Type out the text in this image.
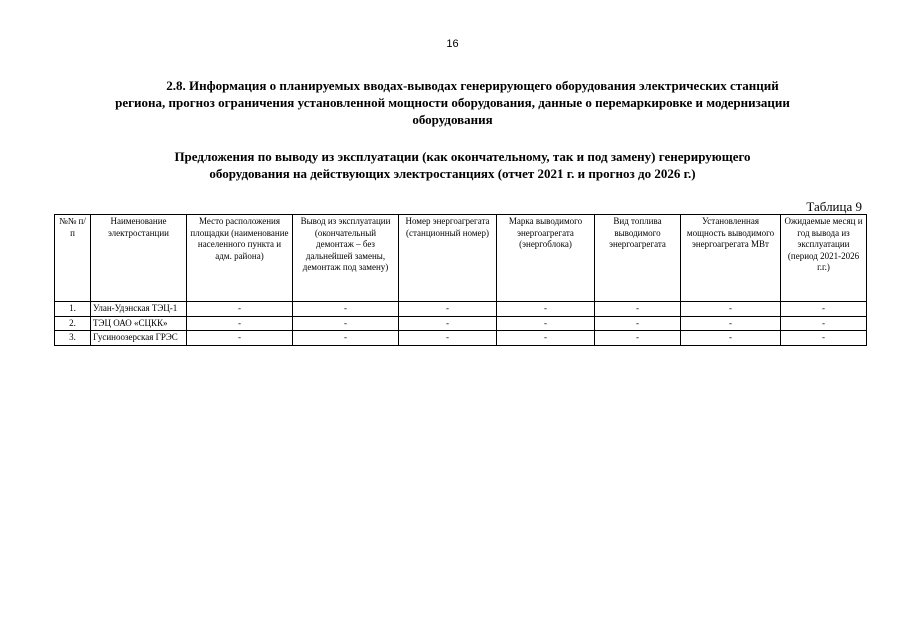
16
2.8. Информация о планируемых вводах-выводах генерирующего оборудования электрических станций
региона, прогноз ограничения установленной мощности оборудования, данные о перемаркировке и модернизации
оборудования
Предложения по выводу из эксплуатации (как окончательному, так и под замену) генерирующего
оборудования на действующих электростанциях (отчет 2021 г. и прогноз до 2026 г.)
Таблица 9
№№ п/п	Наименование электростанции	Место расположения площадки (наименование населенного пункта и адм. района)	Вывод из эксплуатации (окончательный демонтаж – без дальнейшей замены, демонтаж под замену)	Номер энергоагрегата (станционный номер)	Марка выводимого энергоагрегата (энергоблока)	Вид топлива выводимого энергоагрегата	Установленная мощность выводимого энергоагрегата МВт	Ожидаемые месяц и год вывода из эксплуатации (период 2021-2026 г.г.)
1.	Улан-Удэнская ТЭЦ-1	-	-	-	-	-	-	-
2.	ТЭЦ ОАО «СЦКК»	-	-	-	-	-	-	-
3.	Гусиноозерская ГРЭС	-	-	-	-	-	-	-
